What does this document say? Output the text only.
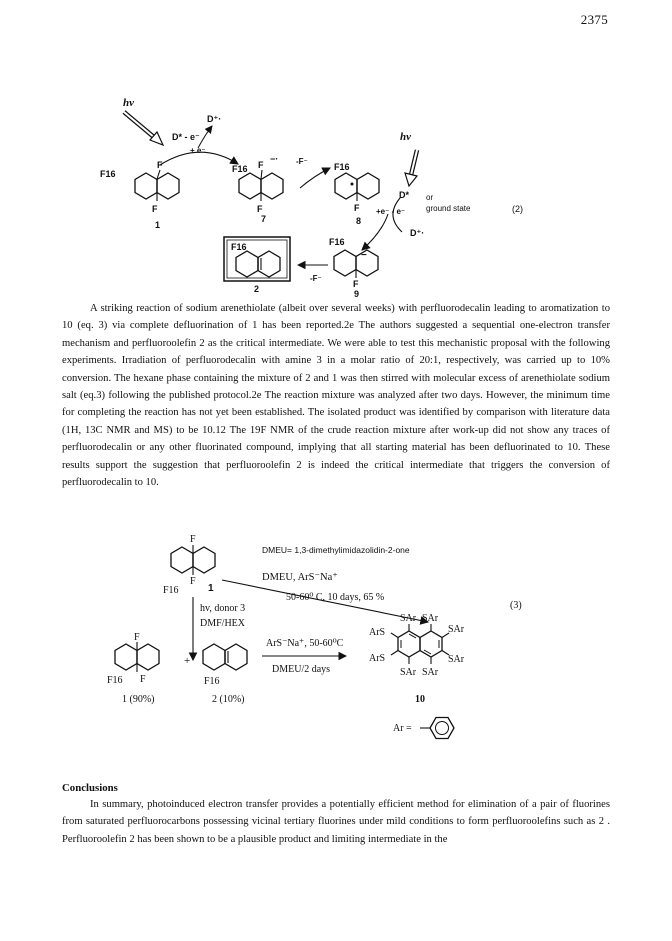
2375
hv
D* - e⁻
D⁺·
+ e⁻
F16
F
F
1
F16 F
−·
F
7
-F⁻
F16
F
8
hv
D* or
ground state
+e⁻ - e⁻
D⁺·
(2)
F16
−
F
9
-F⁻
F16
2

A striking reaction of sodium arenethiolate (albeit over several weeks) with perfluorodecalin leading to aromatization to 10 (eq. 3) via complete defluorination of 1 has been reported.2e The authors suggested a sequential one-electron transfer mechanism and perfluoroolefin 2 as the critical intermediate. We were able to test this mechanistic proposal with the following experiments. Irradiation of perfluorodecalin with amine 3 in a molar ratio of 20:1, respectively, was carried up to 10% conversion. The hexane phase containing the mixture of 2 and 1 was then stirred with molecular excess of arenethiolate sodium salt (eq.3) following the published protocol.2e The reaction mixture was analyzed after two days. However, the minimum time for completing the reaction has not yet been established. The isolated product was identified by comparison with literature data (1H, 13C NMR and MS) to be 10.12 The 19F NMR of the crude reaction mixture after work-up did not show any traces of perfluorodecalin or any other fluorinated compound, implying that all starting material has been defluorinated to 10. These results support the suggestion that perfluoroolefin 2 is indeed the critical intermediate that triggers the conversion of perfluorodecalin to 10.

DMEU= 1,3-dimethylimidazolidin-2-one
F
F16
F
1
DMEU, ArS⁻Na⁺
50-60⁰ C, 10 days, 65 %
hv, donor 3
DMF/HEX
F
F16 F
+
F16
ArS⁻Na⁺, 50-60⁰C
DMEU/2 days
SAr SAr
ArS	SAr
ArS	SAr
SAr SAr
(3)
1 (90%)	2 (10%)	10
Ar =
Conclusions

In summary, photoinduced electron transfer provides a potentially efficient method for elimination of a pair of fluorines from saturated perfluorocarbons possessing vicinal tertiary fluorines under mild conditions to form perfluoroolefins such as 2 . Perfluoroolefin 2 has been shown to be a plausible product and limiting intermediate in the
